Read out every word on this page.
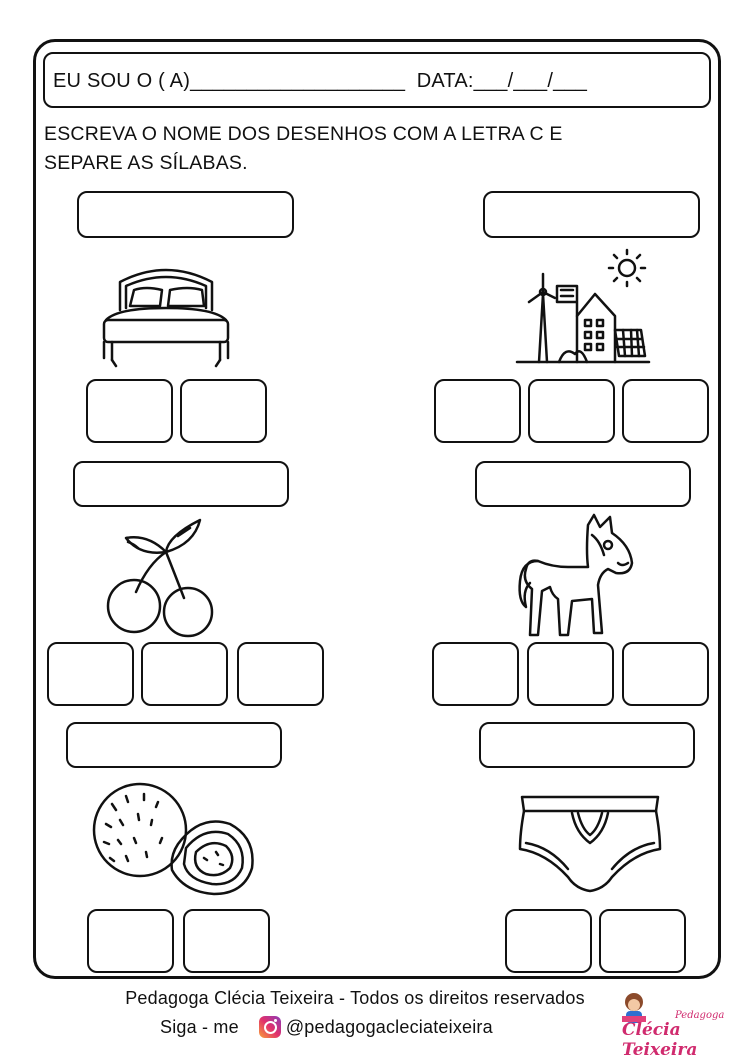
EU SOU O ( A)___________________  DATA:___/___/___
ESCREVA O NOME DOS DESENHOS COM A LETRA C E
SEPARE AS SÍLABAS.
Pedagoga Clécia Teixeira - Todos os direitos reservados
Siga - me	@pedagogacleciateixeira
Pedagoga
Clécia Teixeira
